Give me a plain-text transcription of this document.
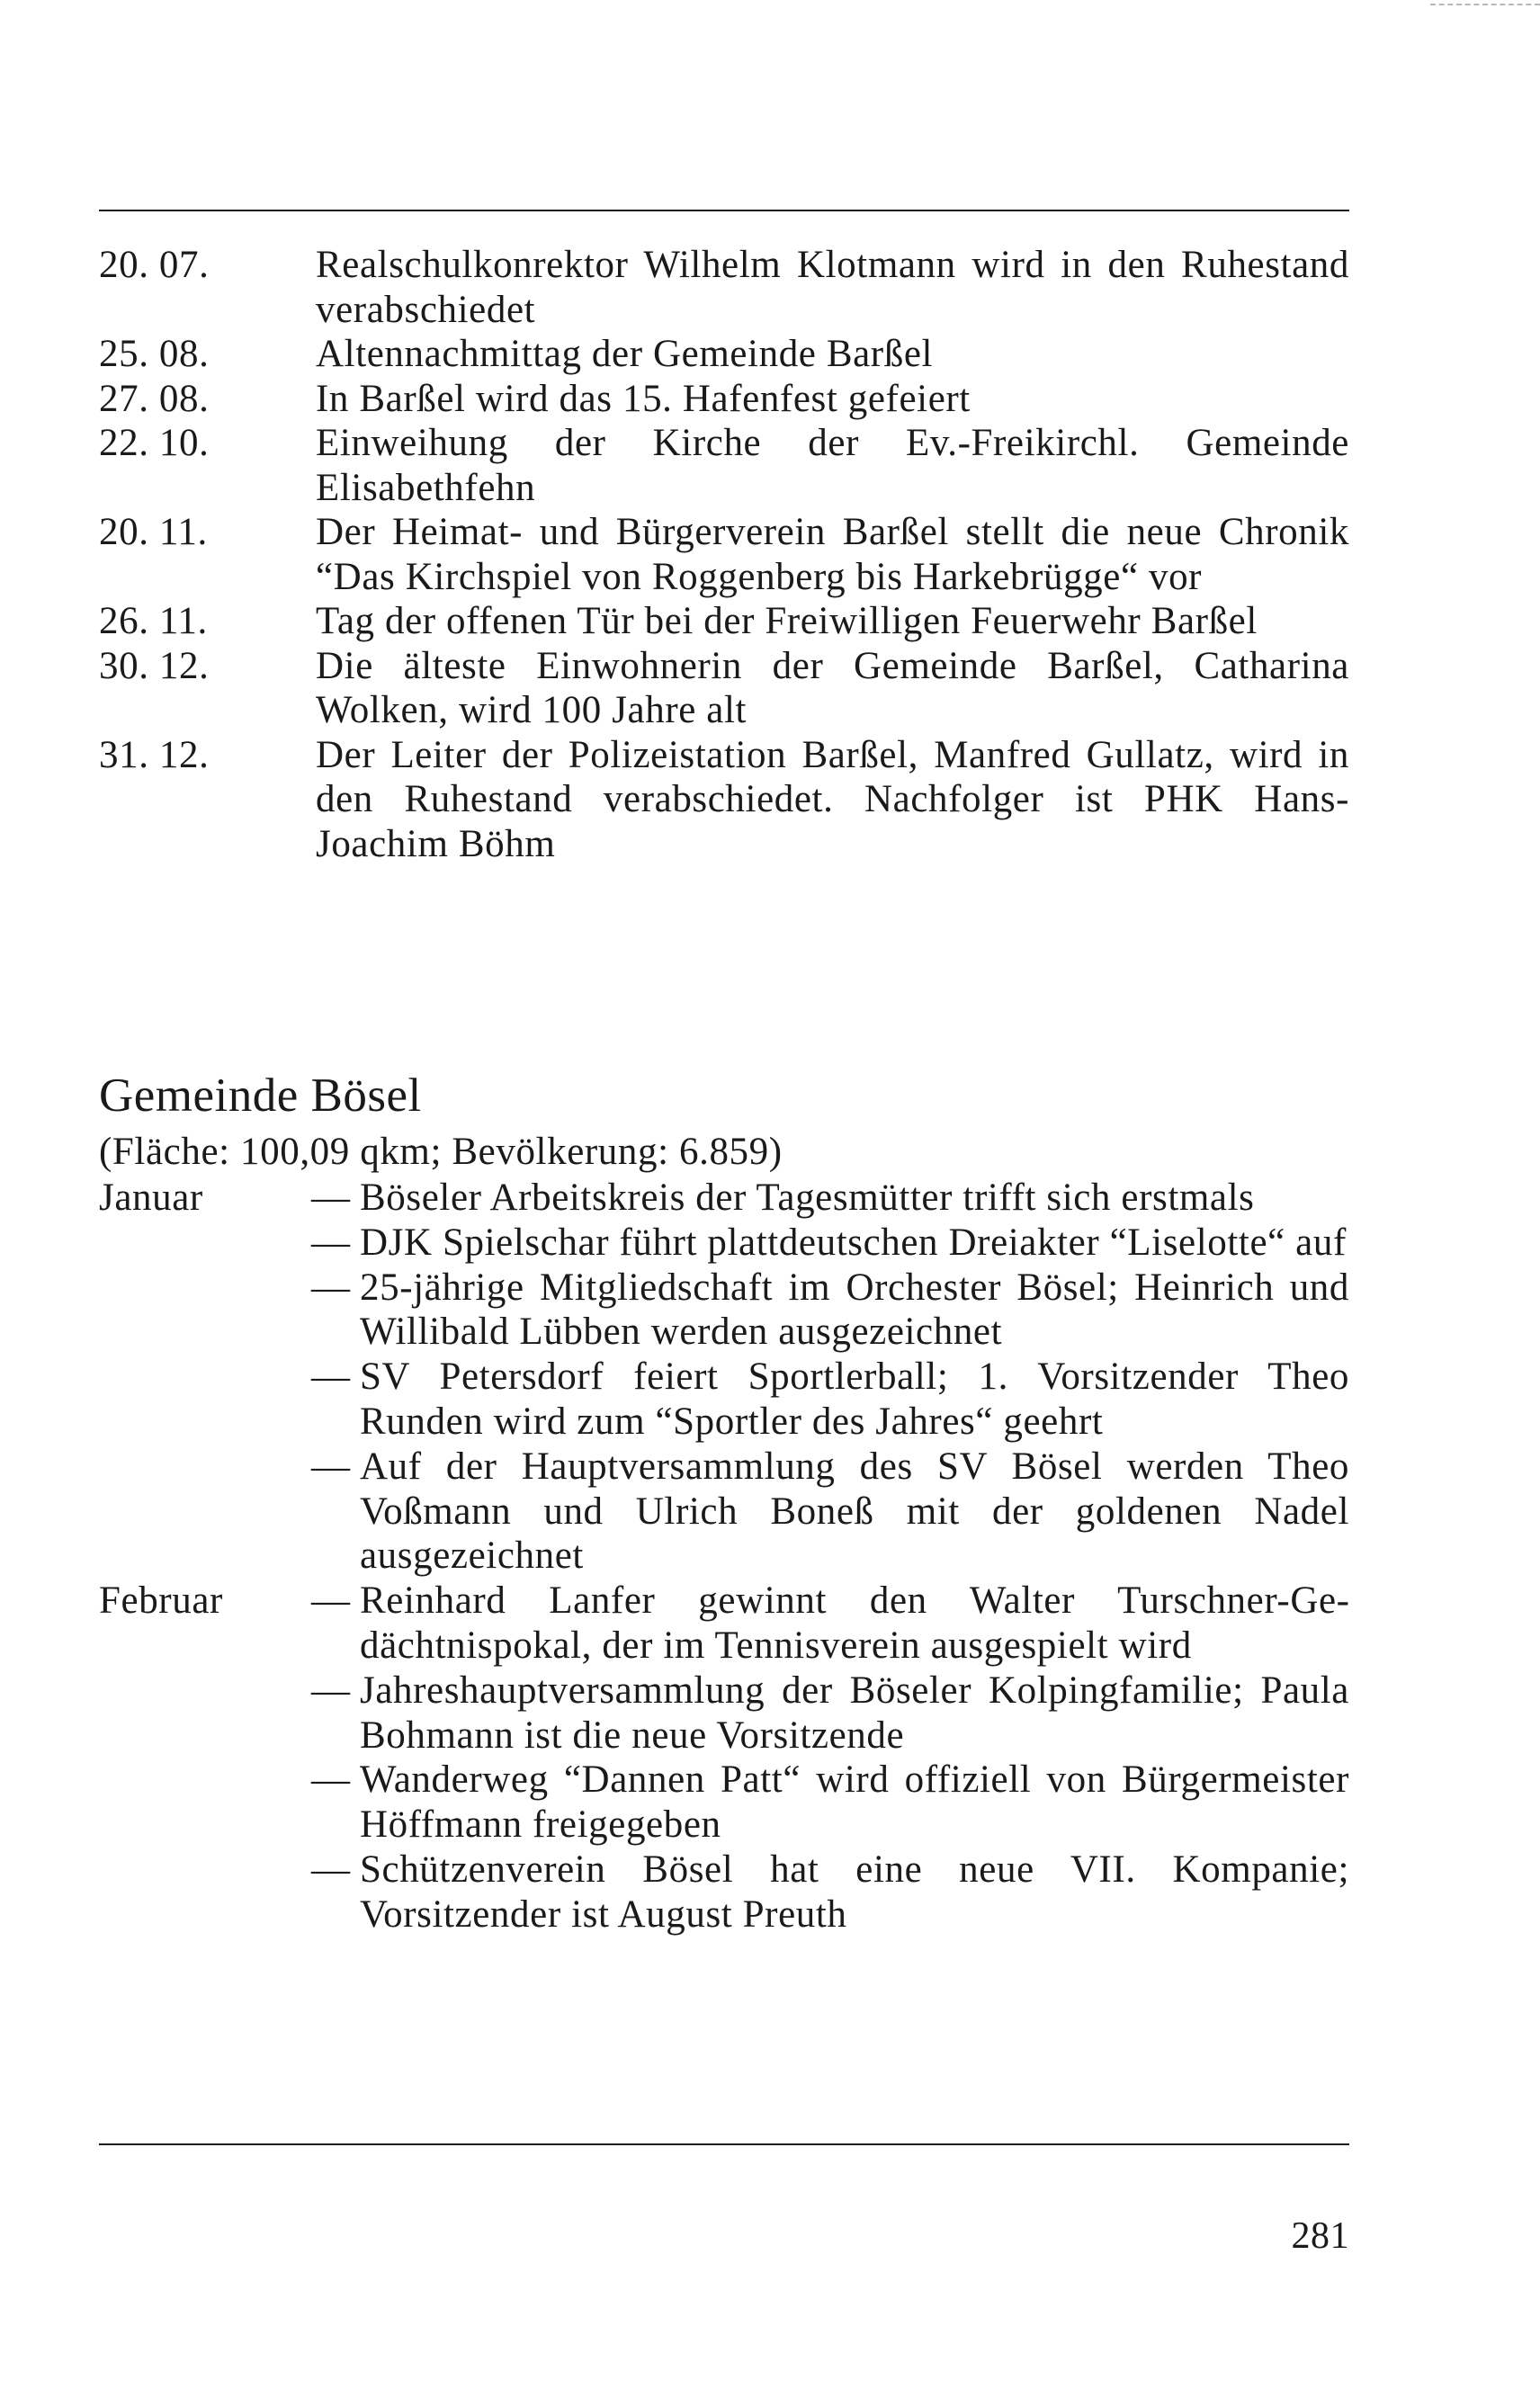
20. 07.	Realschulkonrektor Wilhelm Klotmann wird in den Ruhestand verabschiedet
25. 08.	Altennachmittag der Gemeinde Barßel
27. 08.	In Barßel wird das 15. Hafenfest gefeiert
22. 10.	Einweihung der Kirche der Ev.-Freikirchl. Gemeinde Elisabethfehn
20. 11.	Der Heimat- und Bürgerverein Barßel stellt die neue Chronik “Das Kirchspiel von Roggenberg bis Harkebrügge“ vor
26. 11.	Tag der offenen Tür bei der Freiwilligen Feuerwehr Barßel
30. 12.	Die älteste Einwohnerin der Gemeinde Barßel, Catharina Wolken, wird 100 Jahre alt
31. 12.	Der Leiter der Polizeistation Barßel, Manfred Gullatz, wird in den Ruhestand verabschiedet. Nachfolger ist PHK Hans-Joachim Böhm
Gemeinde Bösel
(Fläche: 100,09 qkm; Bevölkerung: 6.859)
Januar	— Böseler Arbeitskreis der Tagesmütter trifft sich erstmals
— DJK Spielschar führt plattdeutschen Dreiakter “Liselotte“ auf
— 25-jährige Mitgliedschaft im Orchester Bösel; Heinrich und Willibald Lübben werden ausgezeichnet
— SV Petersdorf feiert Sportlerball; 1. Vorsitzender Theo Runden wird zum “Sportler des Jahres“ geehrt
— Auf der Hauptversammlung des SV Bösel werden Theo Voßmann und Ulrich Boneß mit der goldenen Nadel ausgezeichnet
Februar — Reinhard Lanfer gewinnt den Walter Turschner-Gedächtnispokal, der im Tennisverein ausgespielt wird
— Jahreshauptversammlung der Böseler Kolpingfamilie; Paula Bohmann ist die neue Vorsitzende
— Wanderweg “Dannen Patt“ wird offiziell von Bürgermeister Höffmann freigegeben
— Schützenverein Bösel hat eine neue VII. Kompanie; Vorsitzender ist August Preuth
281
